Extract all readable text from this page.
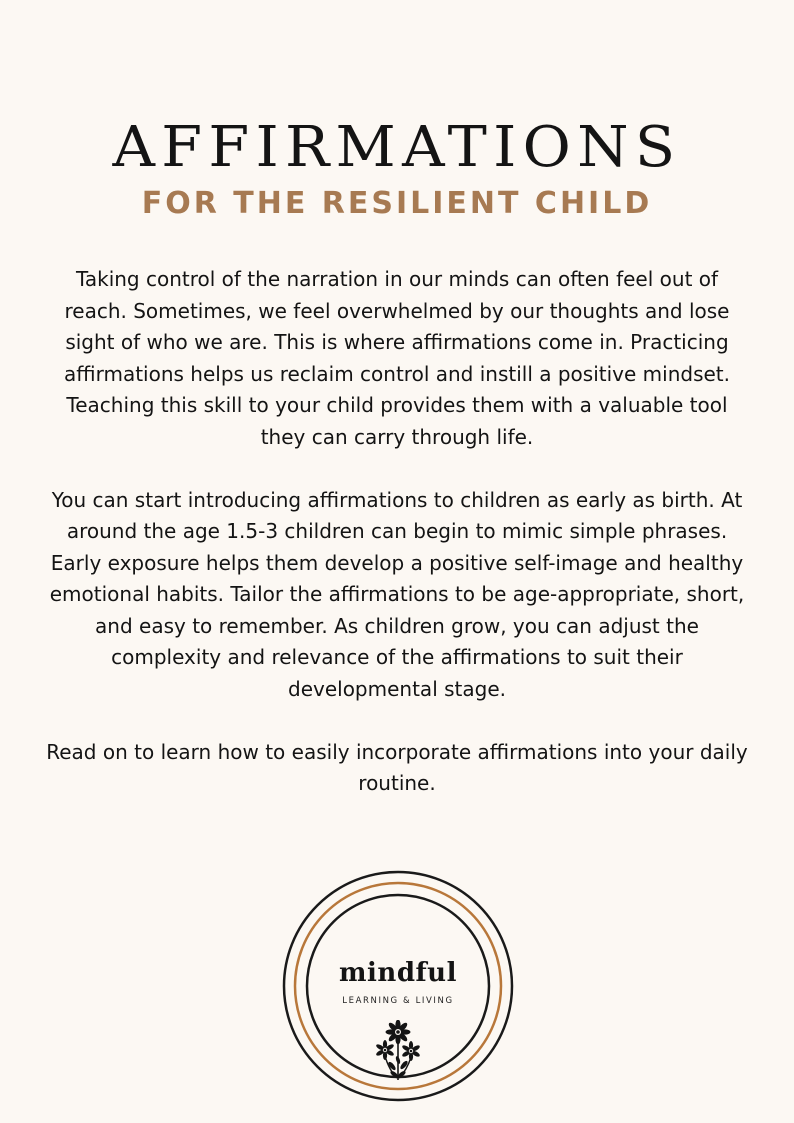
AFFIRMATIONS
FOR THE RESILIENT CHILD

Taking control of the narration in our minds can often feel out of reach. Sometimes, we feel overwhelmed by our thoughts and lose sight of who we are. This is where affirmations come in. Practicing affirmations helps us reclaim control and instill a positive mindset. Teaching this skill to your child provides them with a valuable tool they can carry through life.

You can start introducing affirmations to children as early as birth. At around the age 1.5-3 children can begin to mimic simple phrases. Early exposure helps them develop a positive self-image and healthy emotional habits. Tailor the affirmations to be age-appropriate, short, and easy to remember. As children grow, you can adjust the complexity and relevance of the affirmations to suit their developmental stage.

Read on to learn how to easily incorporate affirmations into your daily routine.

mindful
LEARNING & LIVING
